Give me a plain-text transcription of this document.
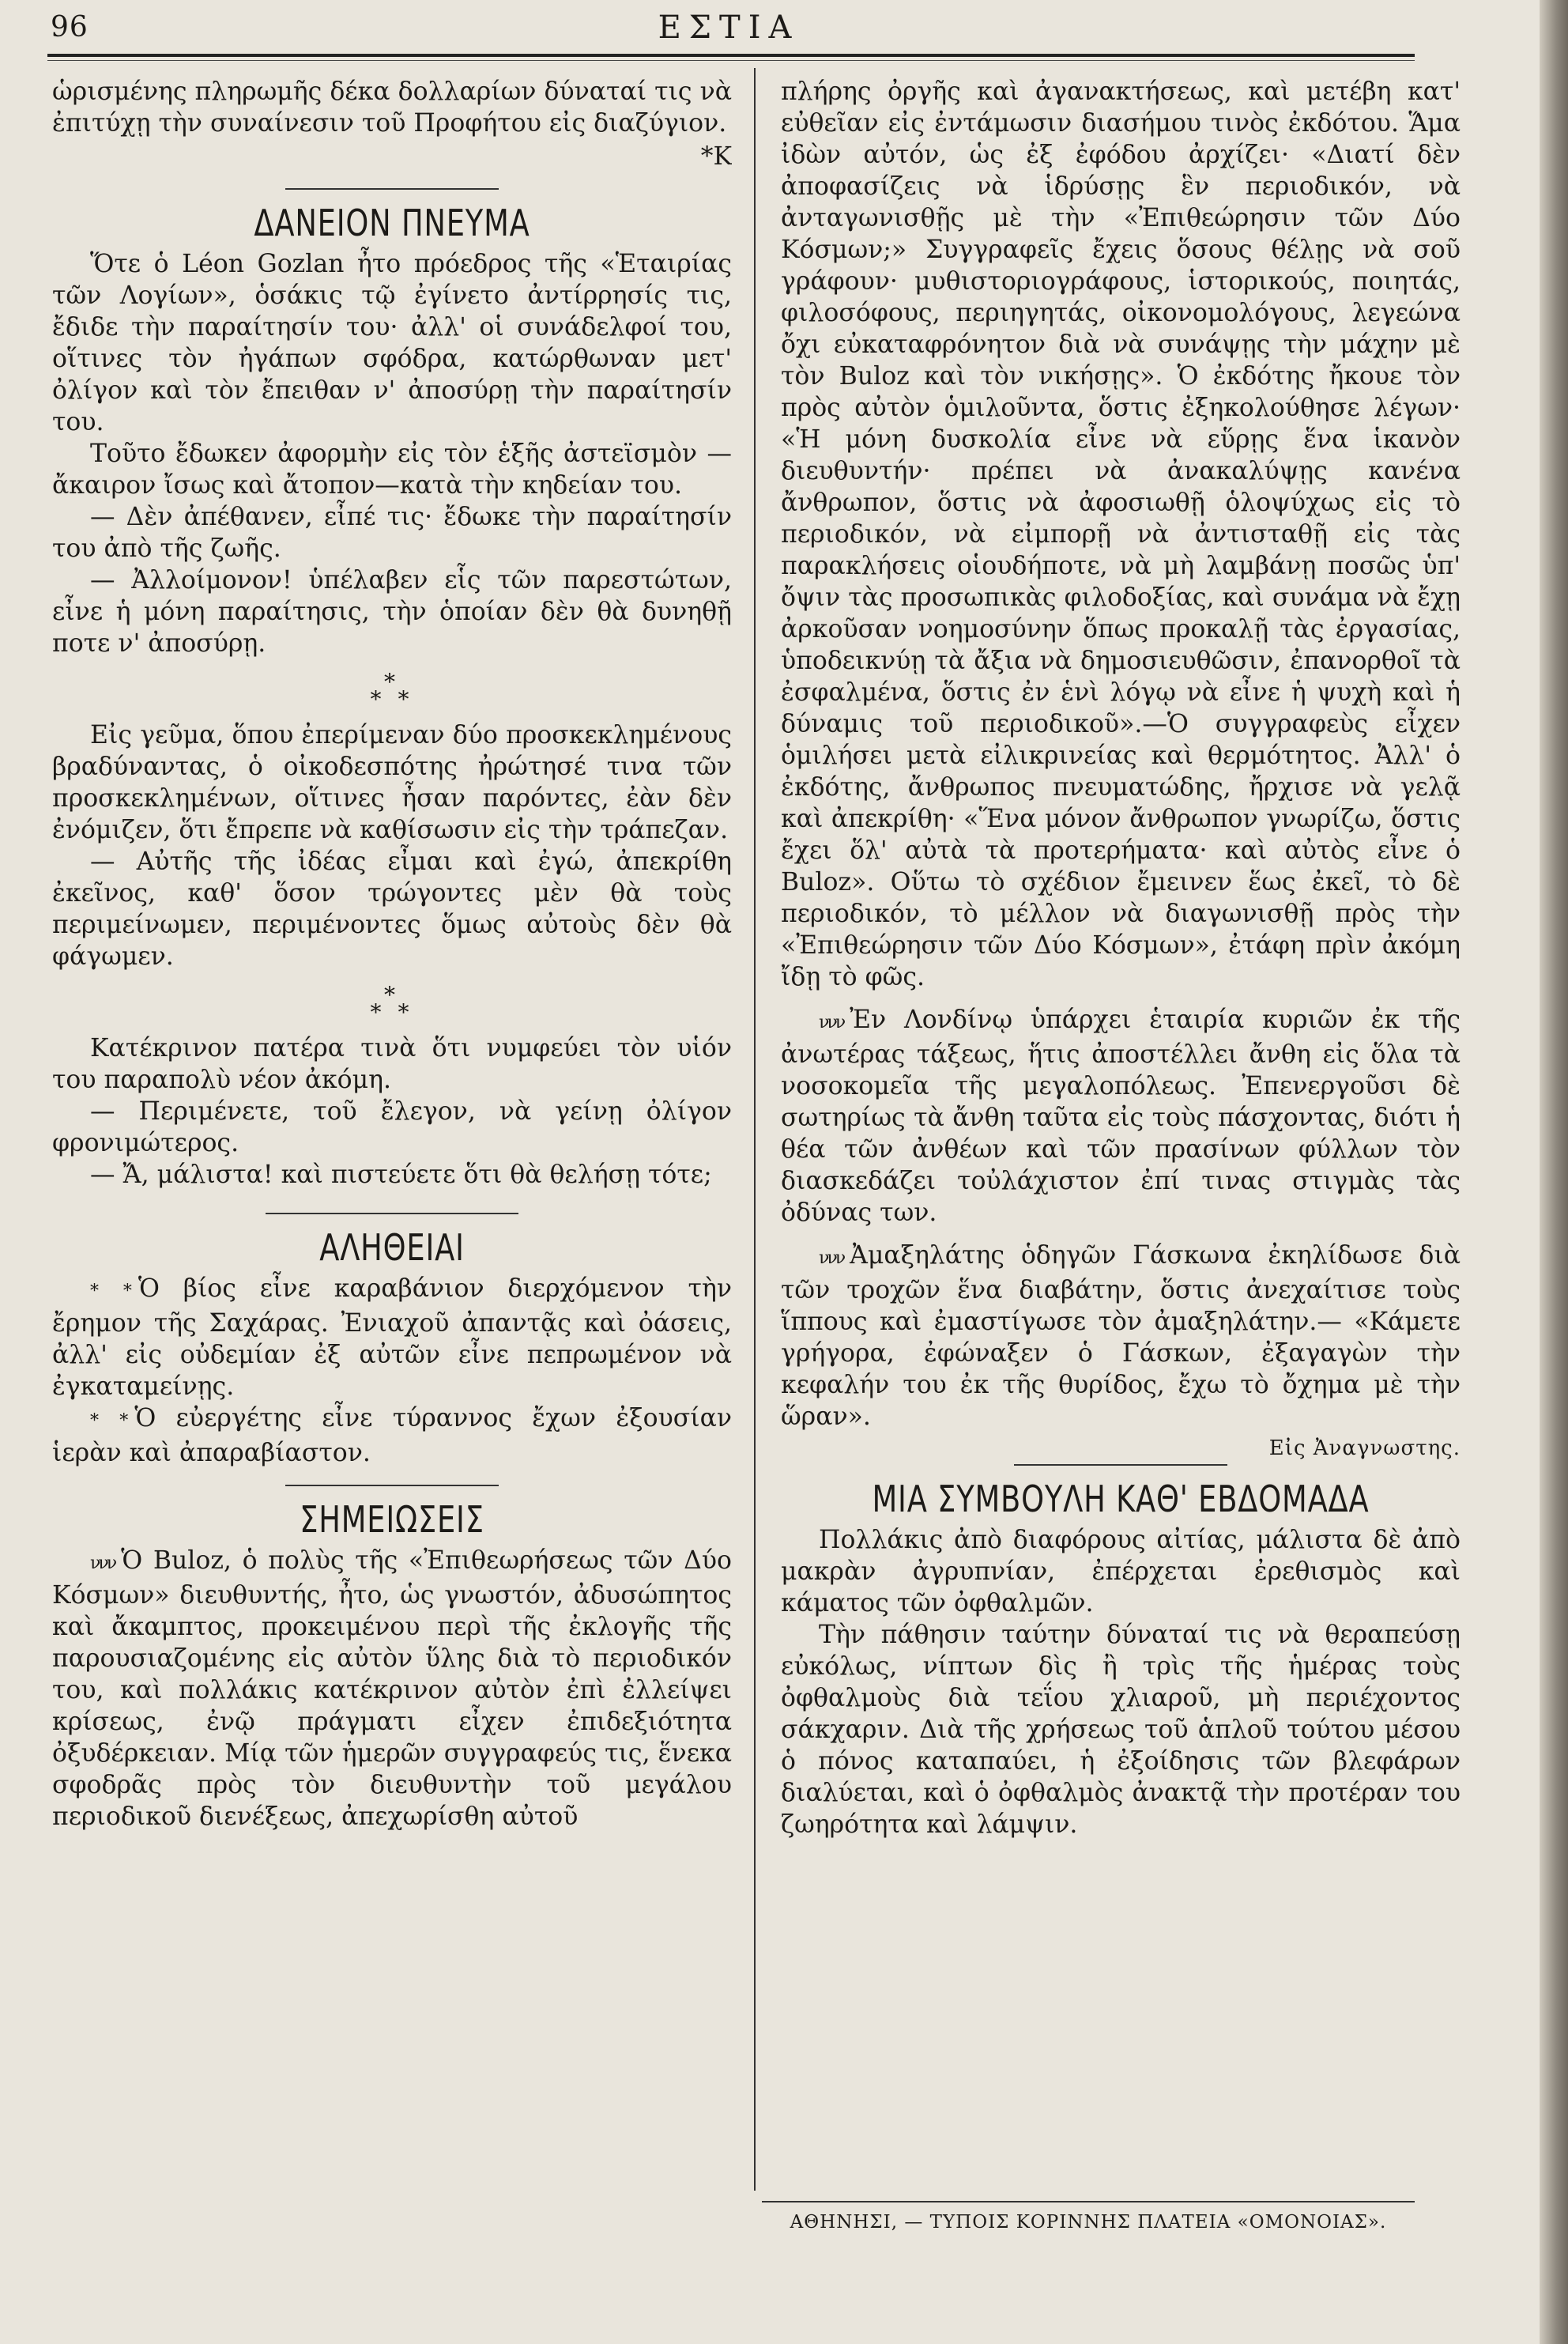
96	ΕΣΤΙΑ

ὡρισμένης πληρωμῆς δέκα δολλαρίων δύναταί τις νὰ ἐπιτύχῃ τὴν συναίνεσιν τοῦ Προφήτου εἰς διαζύγιον.

*Κ

ΔΑΝΕΙΟΝ ΠΝΕΥΜΑ

Ὅτε ὁ Léon Gozlan ἦτο πρόεδρος τῆς «Ἑταιρίας τῶν Λογίων», ὁσάκις τῷ ἐγίνετο ἀντίρρησίς τις, ἔδιδε τὴν παραίτησίν του· ἀλλ' οἱ συνάδελφοί του, οἵτινες τὸν ἠγάπων σφόδρα, κατώρθωναν μετ' ὀλίγον καὶ τὸν ἔπειθαν ν' ἀποσύρῃ τὴν παραίτησίν του.

Τοῦτο ἔδωκεν ἀφορμὴν εἰς τὸν ἑξῆς ἀστεϊσμὸν —ἄκαιρον ἴσως καὶ ἄτοπον—κατὰ τὴν κηδείαν του.

— Δὲν ἀπέθανεν, εἶπέ τις· ἔδωκε τὴν παραίτησίν του ἀπὸ τῆς ζωῆς.

— Ἀλλοίμονον! ὑπέλαβεν εἷς τῶν παρεστώτων, εἶνε ἡ μόνη παραίτησις, τὴν ὁποίαν δὲν θὰ δυνηθῇ ποτε ν' ἀποσύρῃ.

*
* *

Εἰς γεῦμα, ὅπου ἐπερίμεναν δύο προσκεκλημένους βραδύναντας, ὁ οἰκοδεσπότης ἠρώτησέ τινα τῶν προσκεκλημένων, οἵτινες ἦσαν παρόντες, ἐὰν δὲν ἐνόμιζεν, ὅτι ἔπρεπε νὰ καθίσωσιν εἰς τὴν τράπεζαν.

— Αὐτῆς τῆς ἰδέας εἶμαι καὶ ἐγώ, ἀπεκρίθη ἐκεῖνος, καθ' ὅσον τρώγοντες μὲν θὰ τοὺς περιμείνωμεν, περιμένοντες ὅμως αὐτοὺς δὲν θὰ φάγωμεν.

*
* *

Κατέκρινον πατέρα τινὰ ὅτι νυμφεύει τὸν υἱόν του παραπολὺ νέον ἀκόμη.

— Περιμένετε, τοῦ ἔλεγον, νὰ γείνῃ ὀλίγον φρονιμώτερος.

— Ἄ, μάλιστα! καὶ πιστεύετε ὅτι θὰ θελήσῃ τότε;

ΑΛΗΘΕΙΑΙ

* * Ὁ βίος εἶνε καραβάνιον διερχόμενον τὴν ἔρημον τῆς Σαχάρας. Ἐνιαχοῦ ἀπαντᾷς καὶ ὀάσεις, ἀλλ' εἰς οὐδεμίαν ἐξ αὐτῶν εἶνε πεπρωμένον νὰ ἐγκαταμείνῃς.

* * Ὁ εὐεργέτης εἶνε τύραννος ἔχων ἐξουσίαν ἱερὰν καὶ ἀπαραβίαστον.

ΣΗΜΕΙΩΣΕΙΣ

ννν Ὁ Buloz, ὁ πολὺς τῆς «Ἐπιθεωρήσεως τῶν Δύο Κόσμων» διευθυντής, ἦτο, ὡς γνωστόν, ἀδυσώπητος καὶ ἄκαμπτος, προκειμένου περὶ τῆς ἐκλογῆς τῆς παρουσιαζομένης εἰς αὐτὸν ὕλης διὰ τὸ περιοδικόν του, καὶ πολλάκις κατέκρινον αὐτὸν ἐπὶ ἐλλείψει κρίσεως, ἐνῷ πράγματι εἶχεν ἐπιδεξιότητα ὀξυδέρκειαν. Μίᾳ τῶν ἡμερῶν συγγραφεύς τις, ἕνεκα σφοδρᾶς πρὸς τὸν διευθυντὴν τοῦ μεγάλου περιοδικοῦ διενέξεως, ἀπεχωρίσθη αὐτοῦ

πλήρης ὀργῆς καὶ ἀγανακτήσεως, καὶ μετέβη κατ' εὐθεῖαν εἰς ἐντάμωσιν διασήμου τινὸς ἐκδότου. Ἅμα ἰδὼν αὐτόν, ὡς ἐξ ἐφόδου ἀρχίζει· «Διατί δὲν ἀποφασίζεις νὰ ἱδρύσῃς ἓν περιοδικόν, νὰ ἀνταγωνισθῇς μὲ τὴν «Ἐπιθεώρησιν τῶν Δύο Κόσμων;» Συγγραφεῖς ἔχεις ὅσους θέλῃς νὰ σοῦ γράφουν· μυθιστοριογράφους, ἱστορικούς, ποιητάς, φιλοσόφους, περιηγητάς, οἰκονομολόγους, λεγεώνα ὄχι εὐκαταφρόνητον διὰ νὰ συνάψῃς τὴν μάχην μὲ τὸν Buloz καὶ τὸν νικήσῃς». Ὁ ἐκδότης ἤκουε τὸν πρὸς αὐτὸν ὁμιλοῦντα, ὅστις ἐξηκολούθησε λέγων· «Ἡ μόνη δυσκολία εἶνε νὰ εὕρῃς ἕνα ἱκανὸν διευθυντήν· πρέπει νὰ ἀνακαλύψῃς κανένα ἄνθρωπον, ὅστις νὰ ἀφοσιωθῇ ὁλοψύχως εἰς τὸ περιοδικόν, νὰ εἰμπορῇ νὰ ἀντισταθῇ εἰς τὰς παρακλήσεις οἱουδήποτε, νὰ μὴ λαμβάνῃ ποσῶς ὑπ' ὄψιν τὰς προσωπικὰς φιλοδοξίας, καὶ συνάμα νὰ ἔχῃ ἀρκοῦσαν νοημοσύνην ὅπως προκαλῇ τὰς ἐργασίας, ὑποδεικνύῃ τὰ ἄξια νὰ δημοσιευθῶσιν, ἐπανορθοῖ τὰ ἐσφαλμένα, ὅστις ἐν ἑνὶ λόγῳ νὰ εἶνε ἡ ψυχὴ καὶ ἡ δύναμις τοῦ περιοδικοῦ».—Ὁ συγγραφεὺς εἶχεν ὁμιλήσει μετὰ εἰλικρινείας καὶ θερμότητος. Ἀλλ' ὁ ἐκδότης, ἄνθρωπος πνευματώδης, ἤρχισε νὰ γελᾷ καὶ ἀπεκρίθη· «Ἕνα μόνον ἄνθρωπον γνωρίζω, ὅστις ἔχει ὅλ' αὐτὰ τὰ προτερήματα· καὶ αὐτὸς εἶνε ὁ Buloz». Οὕτω τὸ σχέδιον ἔμεινεν ἕως ἐκεῖ, τὸ δὲ περιοδικόν, τὸ μέλλον νὰ διαγωνισθῇ πρὸς τὴν «Ἐπιθεώρησιν τῶν Δύο Κόσμων», ἐτάφη πρὶν ἀκόμη ἴδῃ τὸ φῶς.

ννν Ἐν Λονδίνῳ ὑπάρχει ἑταιρία κυριῶν ἐκ τῆς ἀνωτέρας τάξεως, ἥτις ἀποστέλλει ἄνθη εἰς ὅλα τὰ νοσοκομεῖα τῆς μεγαλοπόλεως. Ἐπενεργοῦσι δὲ σωτηρίως τὰ ἄνθη ταῦτα εἰς τοὺς πάσχοντας, διότι ἡ θέα τῶν ἀνθέων καὶ τῶν πρασίνων φύλλων τὸν διασκεδάζει τοὐλάχιστον ἐπί τινας στιγμὰς τὰς ὀδύνας των.

ννν Ἀμαξηλάτης ὁδηγῶν Γάσκωνα ἐκηλίδωσε διὰ τῶν τροχῶν ἕνα διαβάτην, ὅστις ἀνεχαίτισε τοὺς ἵππους καὶ ἐμαστίγωσε τὸν ἀμαξηλάτην.— «Κάμετε γρήγορα, ἐφώναξεν ὁ Γάσκων, ἐξαγαγὼν τὴν κεφαλήν του ἐκ τῆς θυρίδος, ἔχω τὸ ὄχημα μὲ τὴν ὥραν».

Εἰς Ἀναγνωστης.

ΜΙΑ ΣΥΜΒΟΥΛΗ ΚΑΘ' ΕΒΔΟΜΑΔΑ

Πολλάκις ἀπὸ διαφόρους αἰτίας, μάλιστα δὲ ἀπὸ μακρὰν ἀγρυπνίαν, ἐπέρχεται ἐρεθισμὸς καὶ κάματος τῶν ὀφθαλμῶν.

Τὴν πάθησιν ταύτην δύναταί τις νὰ θεραπεύσῃ εὐκόλως, νίπτων δὶς ἢ τρὶς τῆς ἡμέρας τοὺς ὀφθαλμοὺς διὰ τεΐου χλιαροῦ, μὴ περιέχοντος σάκχαριν. Διὰ τῆς χρήσεως τοῦ ἁπλοῦ τούτου μέσου ὁ πόνος καταπαύει, ἡ ἐξοίδησις τῶν βλεφάρων διαλύεται, καὶ ὁ ὀφθαλμὸς ἀνακτᾷ τὴν προτέραν του ζωηρότητα καὶ λάμψιν.

ΑΘΗΝΗΣΙ, — ΤΥΠΟΙΣ ΚΟΡΙΝΝΗΣ ΠΛΑΤΕΙΑ «ΟΜΟΝΟΙΑΣ».
